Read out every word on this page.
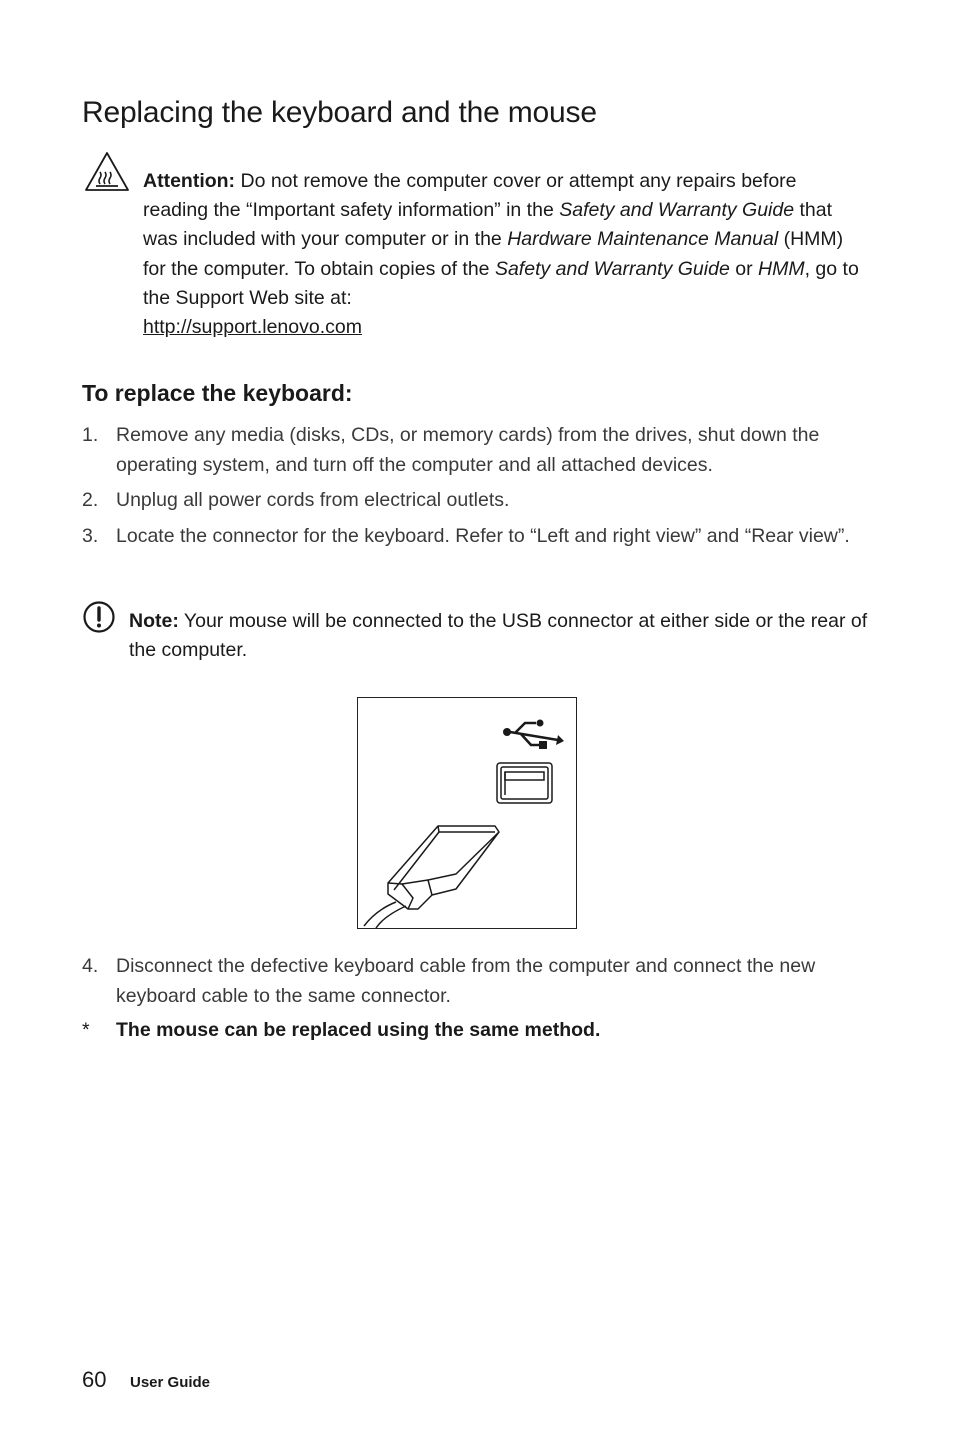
Replacing the keyboard and the mouse
Attention: Do not remove the computer cover or attempt any repairs before reading the “Important safety information” in the Safety and Warranty Guide that was included with your computer or in the Hardware Maintenance Manual (HMM) for the computer. To obtain copies of the Safety and Warranty Guide or HMM, go to the Support Web site at:
http://support.lenovo.com
To replace the keyboard:
1. Remove any media (disks, CDs, or memory cards) from the drives, shut down the operating system, and turn off the computer and all attached devices.
2. Unplug all power cords from electrical outlets.
3. Locate the connector for the keyboard. Refer to “Left and right view” and “Rear view”.
Note: Your mouse will be connected to the USB connector at either side or the rear of the computer.
4. Disconnect the defective keyboard cable from the computer and connect the new keyboard cable to the same connector.
* The mouse can be replaced using the same method.
60 User Guide
